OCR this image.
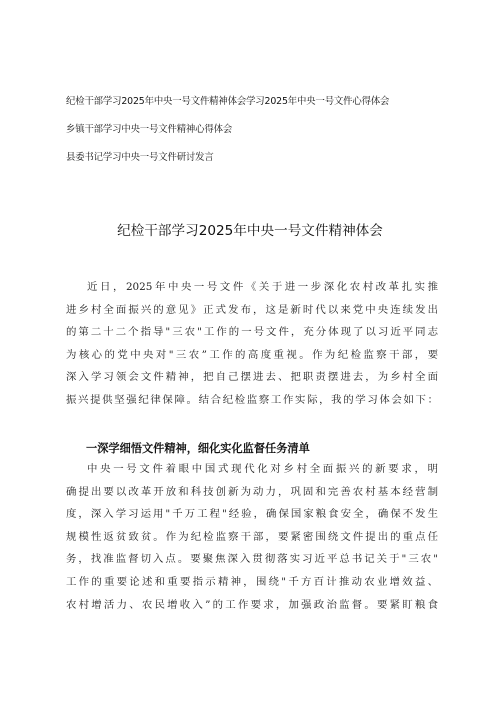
纪检干部学习2025年中央一号文件精神体会学习2025年中央一号文件心得体会
乡镇干部学习中央一号文件精神心得体会
县委书记学习中央一号文件研讨发言
纪检干部学习2025年中央一号文件精神体会
近日，2025年中央一号文件《关于进一步深化农村改革扎实推
进乡村全面振兴的意见》正式发布，这是新时代以来党中央连续发出
的第二十二个指导"三农"工作的一号文件，充分体现了以习近平同志
为核心的党中央对"三农”工作的高度重视。作为纪检监察干部，要
深入学习领会文件精神，把自己摆进去、把职责摆进去，为乡村全面
振兴提供坚强纪律保障。结合纪检监察工作实际，我的学习体会如下：
一深学细悟文件精神，细化实化监督任务清单
中央一号文件着眼中国式现代化对乡村全面振兴的新要求，明
确提出要以改革开放和科技创新为动力，巩固和完善农村基本经营制
度，深入学习运用"千万工程"经验，确保国家粮食安全，确保不发生
规模性返贫致贫。作为纪检监察干部，要紧密围绕文件提出的重点任
务，找准监督切入点。要聚焦深入贯彻落实习近平总书记关于"三农"
工作的重要论述和重要指示精神，围绕"千方百计推动农业增效益、
农村增活力、农民增收入”的工作要求，加强政治监督。要紧盯粮食
